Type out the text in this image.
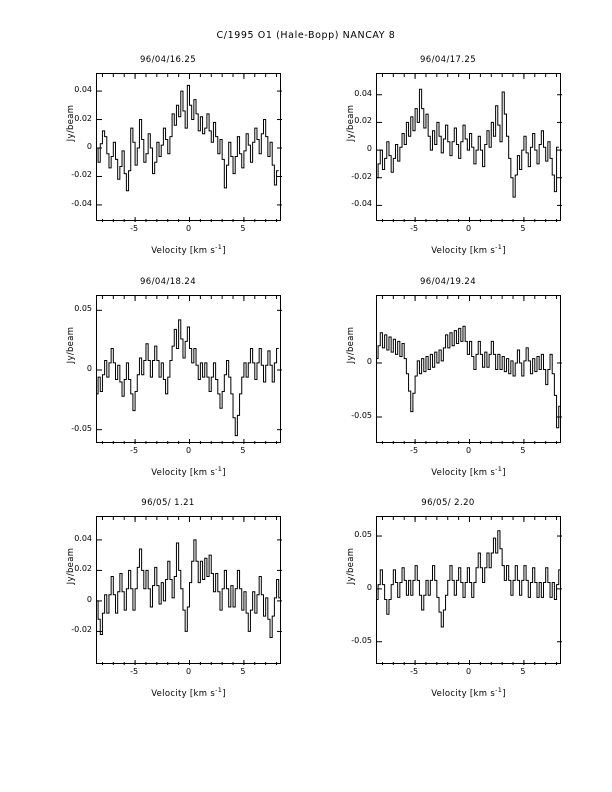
C/1995 O1 (Hale-Bopp) NANCAY 8
96/04/16.25
Jy/beam
Velocity [km $s^{-1}$]
-5	0	5
-0.04
-0.02
0
0.02
0.04
96/04/17.25
Jy/beam
Velocity [km $s^{-1}$]
-5	0	5
-0.04
-0.02
0
0.02
0.04
96/04/18.24
Jy/beam
Velocity [km $s^{-1}$]
-5	0	5
-0.05
0
0.05
96/04/19.24
Jy/beam
Velocity [km $s^{-1}$]
-5	0	5
-0.05
0
96/05/ 1.21
Jy/beam
Velocity [km $s^{-1}$]
-5	0	5
-0.02
0
0.02
0.04
96/05/ 2.20
Jy/beam
Velocity [km $s^{-1}$]
-5	0	5
-0.05
0
0.05
